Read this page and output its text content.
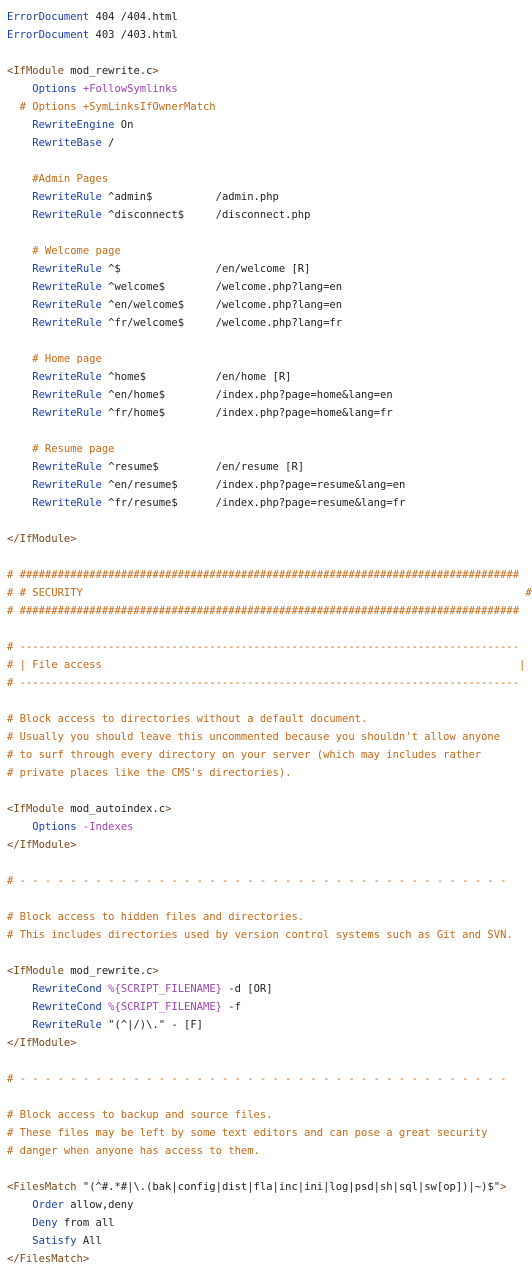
ErrorDocument 404 /404.html
ErrorDocument 403 /403.html
<IfModule mod_rewrite.c>
Options +FollowSymlinks
# Options +SymLinksIfOwnerMatch
RewriteEngine On
RewriteBase /
#Admin Pages
RewriteRule ^admin$          /admin.php
RewriteRule ^disconnect$     /disconnect.php
# Welcome page
RewriteRule ^$               /en/welcome [R]
RewriteRule ^welcome$        /welcome.php?lang=en
RewriteRule ^en/welcome$     /welcome.php?lang=en
RewriteRule ^fr/welcome$     /welcome.php?lang=fr
# Home page
RewriteRule ^home$           /en/home [R]
RewriteRule ^en/home$        /index.php?page=home&lang=en
RewriteRule ^fr/home$        /index.php?page=home&lang=fr
# Resume page
RewriteRule ^resume$         /en/resume [R]
RewriteRule ^en/resume$      /index.php?page=resume&lang=en
RewriteRule ^fr/resume$      /index.php?page=resume&lang=fr
</IfModule>
# ###############################################################################
# # SECURITY                                                                      #
# ###############################################################################
# -------------------------------------------------------------------------------
# | File access                                                                  |
# -------------------------------------------------------------------------------
# Block access to directories without a default document.
# Usually you should leave this uncommented because you shouldn't allow anyone
# to surf through every directory on your server (which may includes rather
# private places like the CMS's directories).
<IfModule mod_autoindex.c>
Options -Indexes
</IfModule>
# - - - - - - - - - - - - - - - - - - - - - - - - - - - - - - - - - - - - - - -
# Block access to hidden files and directories.
# This includes directories used by version control systems such as Git and SVN.
<IfModule mod_rewrite.c>
RewriteCond %{SCRIPT_FILENAME} -d [OR]
RewriteCond %{SCRIPT_FILENAME} -f
RewriteRule "(^|/)\." - [F]
</IfModule>
# - - - - - - - - - - - - - - - - - - - - - - - - - - - - - - - - - - - - - - -
# Block access to backup and source files.
# These files may be left by some text editors and can pose a great security
# danger when anyone has access to them.
<FilesMatch "(^#.*#|\.(bak|config|dist|fla|inc|ini|log|psd|sh|sql|sw[op])|~)$">
Order allow,deny
Deny from all
Satisfy All
</FilesMatch>
